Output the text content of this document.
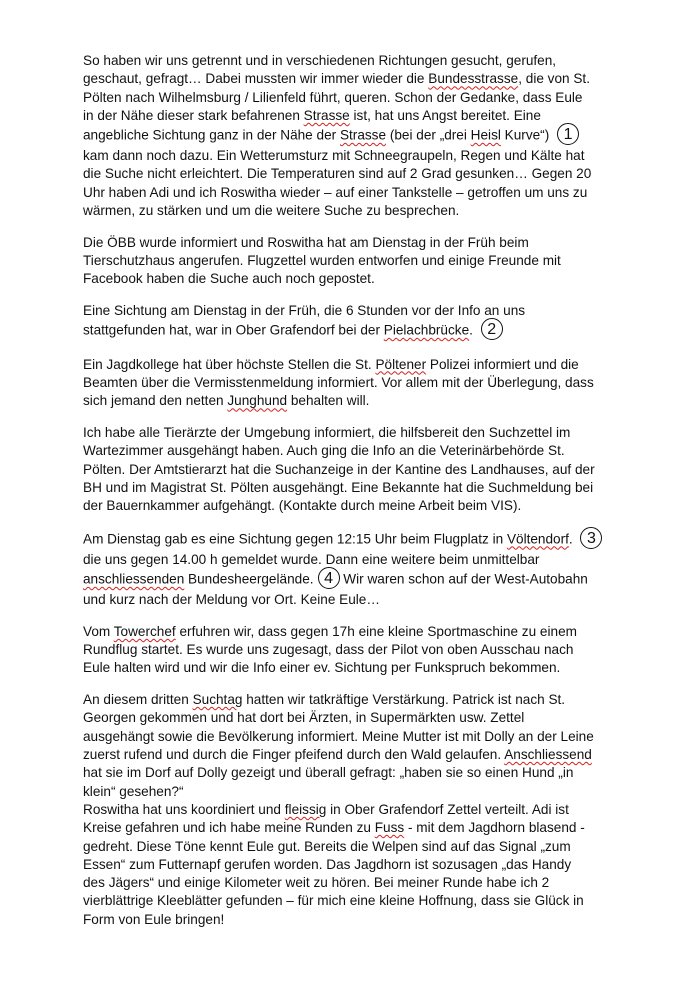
So haben wir uns getrennt und in verschiedenen Richtungen gesucht, gerufen,
geschaut, gefragt… Dabei mussten wir immer wieder die Bundesstrasse, die von St.
Pölten nach Wilhelmsburg / Lilienfeld führt, queren. Schon der Gedanke, dass Eule
in der Nähe dieser stark befahrenen Strasse ist, hat uns Angst bereitet. Eine
angebliche Sichtung ganz in der Nähe der Strasse (bei der „drei Heisl Kurve“) 1
kam dann noch dazu. Ein Wetterumsturz mit Schneegraupeln, Regen und Kälte hat
die Suche nicht erleichtert. Die Temperaturen sind auf 2 Grad gesunken… Gegen 20
Uhr haben Adi und ich Roswitha wieder – auf einer Tankstelle – getroffen um uns zu
wärmen, zu stärken und um die weitere Suche zu besprechen.

Die ÖBB wurde informiert und Roswitha hat am Dienstag in der Früh beim
Tierschutzhaus angerufen. Flugzettel wurden entworfen und einige Freunde mit
Facebook haben die Suche auch noch gepostet.

Eine Sichtung am Dienstag in der Früh, die 6 Stunden vor der Info an uns
stattgefunden hat, war in Ober Grafendorf bei der Pielachbrücke. 2

Ein Jagdkollege hat über höchste Stellen die St. Pöltener Polizei informiert und die
Beamten über die Vermisstenmeldung informiert. Vor allem mit der Überlegung, dass
sich jemand den netten Junghund behalten will.

Ich habe alle Tierärzte der Umgebung informiert, die hilfsbereit den Suchzettel im
Wartezimmer ausgehängt haben. Auch ging die Info an die Veterinärbehörde St.
Pölten. Der Amtstierarzt hat die Suchanzeige in der Kantine des Landhauses, auf der
BH und im Magistrat St. Pölten ausgehängt. Eine Bekannte hat die Suchmeldung bei
der Bauernkammer aufgehängt. (Kontakte durch meine Arbeit beim VIS).

Am Dienstag gab es eine Sichtung gegen 12:15 Uhr beim Flugplatz in Völtendorf. 3
die uns gegen 14.00 h gemeldet wurde. Dann eine weitere beim unmittelbar
anschliessenden Bundesheergelände. 4 Wir waren schon auf der West-Autobahn
und kurz nach der Meldung vor Ort. Keine Eule…

Vom Towerchef erfuhren wir, dass gegen 17h eine kleine Sportmaschine zu einem
Rundflug startet. Es wurde uns zugesagt, dass der Pilot von oben Ausschau nach
Eule halten wird und wir die Info einer ev. Sichtung per Funkspruch bekommen.

An diesem dritten Suchtag hatten wir tatkräftige Verstärkung. Patrick ist nach St.
Georgen gekommen und hat dort bei Ärzten, in Supermärkten usw. Zettel
ausgehängt sowie die Bevölkerung informiert. Meine Mutter ist mit Dolly an der Leine
zuerst rufend und durch die Finger pfeifend durch den Wald gelaufen. Anschliessend
hat sie im Dorf auf Dolly gezeigt und überall gefragt: „haben sie so einen Hund „in
klein“ gesehen?“

Roswitha hat uns koordiniert und fleissig in Ober Grafendorf Zettel verteilt. Adi ist
Kreise gefahren und ich habe meine Runden zu Fuss - mit dem Jagdhorn blasend -
gedreht. Diese Töne kennt Eule gut. Bereits die Welpen sind auf das Signal „zum
Essen“ zum Futternapf gerufen worden. Das Jagdhorn ist sozusagen „das Handy
des Jägers“ und einige Kilometer weit zu hören. Bei meiner Runde habe ich 2
vierblättrige Kleeblätter gefunden – für mich eine kleine Hoffnung, dass sie Glück in
Form von Eule bringen!
